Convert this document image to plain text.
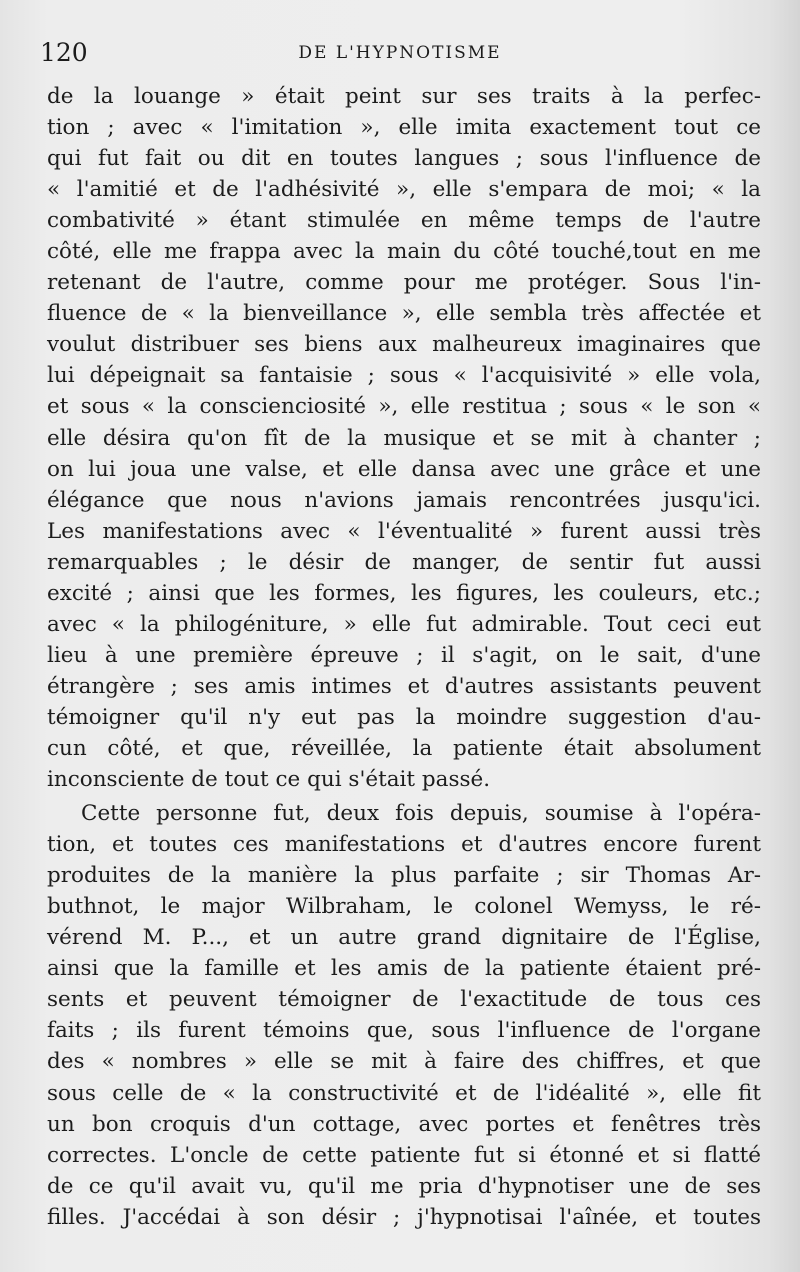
120	DE L'HYPNOTISME
de la louange » était peint sur ses traits à la perfec-
tion ; avec « l'imitation », elle imita exactement tout ce
qui fut fait ou dit en toutes langues ; sous l'influence de
« l'amitié et de l'adhésivité », elle s'empara de moi; « la
combativité » étant stimulée en même temps de l'autre
côté, elle me frappa avec la main du côté touché,tout en me
retenant de l'autre, comme pour me protéger. Sous l'in-
fluence de « la bienveillance », elle sembla très affectée et
voulut distribuer ses biens aux malheureux imaginaires que
lui dépeignait sa fantaisie ; sous « l'acquisivité » elle vola,
et sous « la conscienciosité », elle restitua ; sous « le son «
elle désira qu'on fît de la musique et se mit à chanter ;
on lui joua une valse, et elle dansa avec une grâce et une
élégance que nous n'avions jamais rencontrées jusqu'ici.
Les manifestations avec « l'éventualité » furent aussi très
remarquables ; le désir de manger, de sentir fut aussi
excité ; ainsi que les formes, les figures, les couleurs, etc.;
avec « la philogéniture, » elle fut admirable. Tout ceci eut
lieu à une première épreuve ; il s'agit, on le sait, d'une
étrangère ; ses amis intimes et d'autres assistants peuvent
témoigner qu'il n'y eut pas la moindre suggestion d'au-
cun côté, et que, réveillée, la patiente était absolument
inconsciente de tout ce qui s'était passé.
Cette personne fut, deux fois depuis, soumise à l'opéra-
tion, et toutes ces manifestations et d'autres encore furent
produites de la manière la plus parfaite ; sir Thomas Ar-
buthnot, le major Wilbraham, le colonel Wemyss, le ré-
vérend M. P..., et un autre grand dignitaire de l'Église,
ainsi que la famille et les amis de la patiente étaient pré-
sents et peuvent témoigner de l'exactitude de tous ces
faits ; ils furent témoins que, sous l'influence de l'organe
des « nombres » elle se mit à faire des chiffres, et que
sous celle de « la constructivité et de l'idéalité », elle fit
un bon croquis d'un cottage, avec portes et fenêtres très
correctes. L'oncle de cette patiente fut si étonné et si flatté
de ce qu'il avait vu, qu'il me pria d'hypnotiser une de ses
filles. J'accédai à son désir ; j'hypnotisai l'aînée, et toutes
